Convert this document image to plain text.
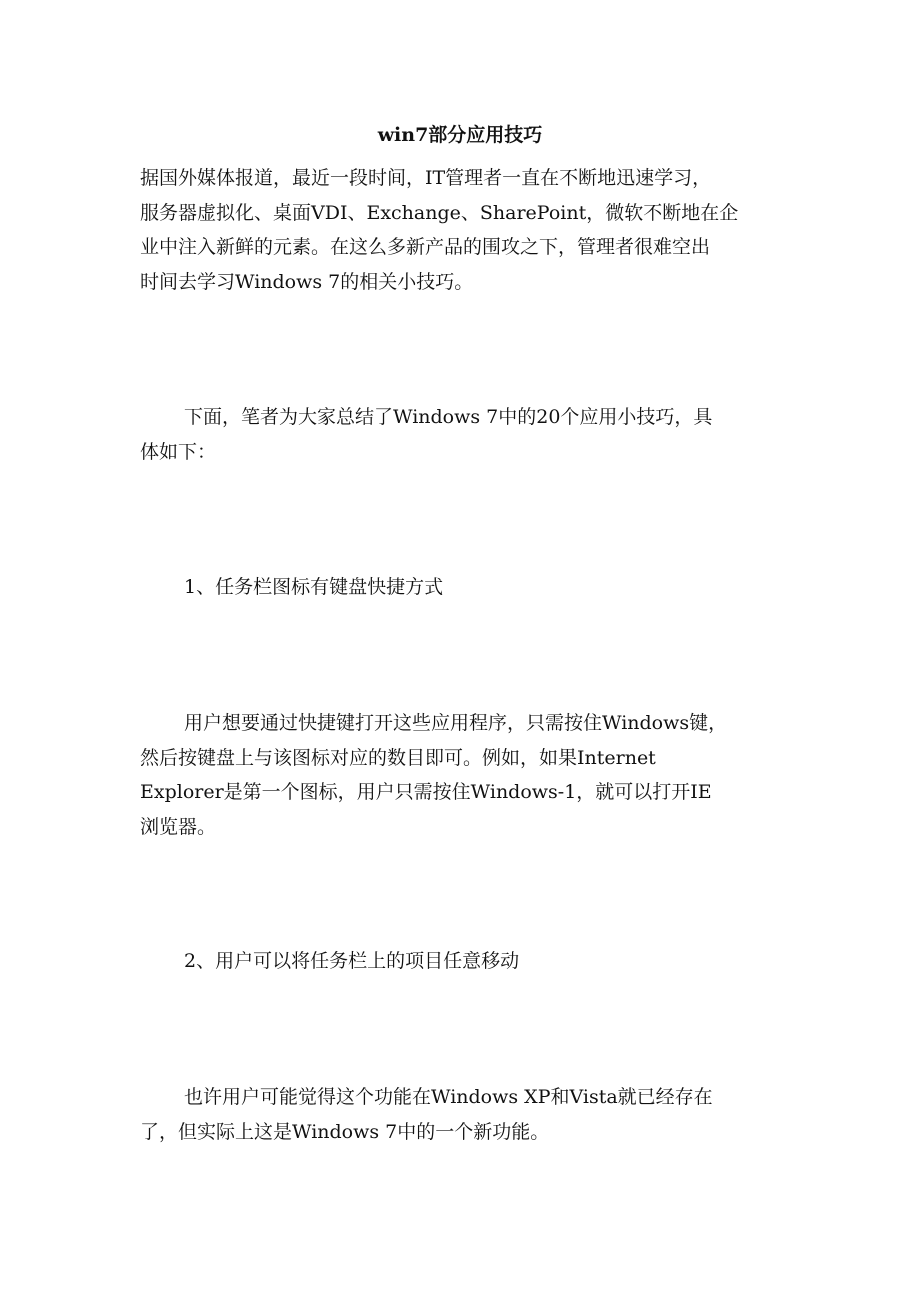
win7部分应用技巧

据国外媒体报道，最近一段时间，IT管理者一直在不断地迅速学习，
服务器虚拟化、桌面VDI、Exchange、SharePoint，微软不断地在企
业中注入新鲜的元素。在这么多新产品的围攻之下，管理者很难空出
时间去学习Windows 7的相关小技巧。

下面，笔者为大家总结了Windows 7中的20个应用小技巧，具
体如下：

1、任务栏图标有键盘快捷方式

用户想要通过快捷键打开这些应用程序，只需按住Windows键，
然后按键盘上与该图标对应的数目即可。例如，如果Internet
Explorer是第一个图标，用户只需按住Windows-1，就可以打开IE
浏览器。

2、用户可以将任务栏上的项目任意移动

也许用户可能觉得这个功能在Windows XP和Vista就已经存在
了，但实际上这是Windows 7中的一个新功能。
